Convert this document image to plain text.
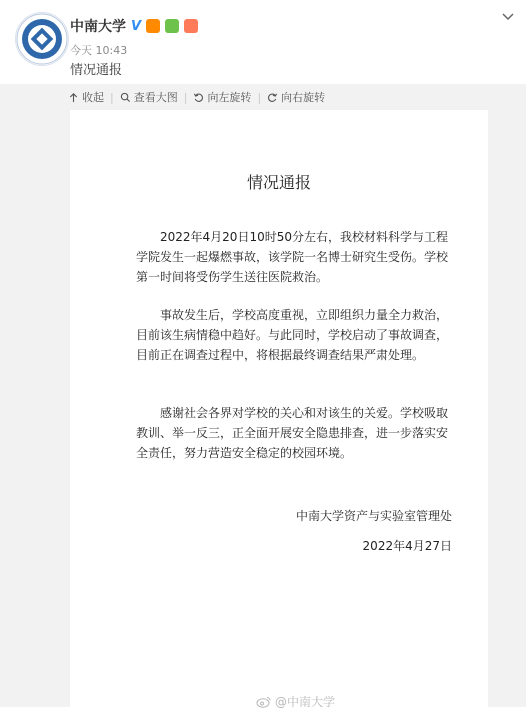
中南大学 V
今天 10:43
情况通报
收起 | 查看大图 | 向左旋转 | 向右旋转
情况通报

2022年4月20日10时50分左右，我校材料科学与工程学院发生一起爆燃事故，该学院一名博士研究生受伤。学校第一时间将受伤学生送往医院救治。

事故发生后，学校高度重视，立即组织力量全力救治，目前该生病情稳中趋好。与此同时，学校启动了事故调查，目前正在调查过程中，将根据最终调查结果严肃处理。

感谢社会各界对学校的关心和对该生的关爱。学校吸取教训、举一反三，正全面开展安全隐患排查，进一步落实安全责任，努力营造安全稳定的校园环境。

中南大学资产与实验室管理处
2022年4月27日
@中南大学
